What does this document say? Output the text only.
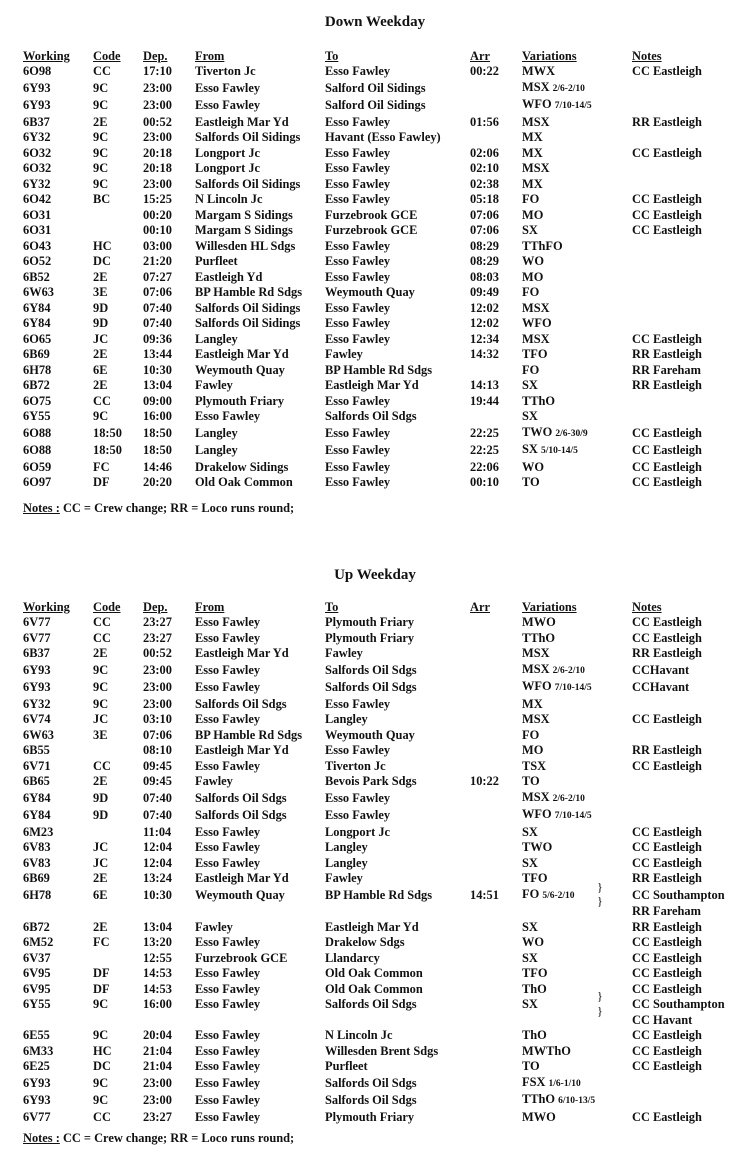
Down Weekday
Working	Code	Dep.	From	To	Arr	Variations	Notes
6O98	CC	17:10	Tiverton Jc	Esso Fawley	00:22	MWX	CC Eastleigh
6Y93	9C	23:00	Esso Fawley	Salford Oil Sidings		MSX 2/6-2/10	
6Y93	9C	23:00	Esso Fawley	Salford Oil Sidings		WFO 7/10-14/5	
6B37	2E	00:52	Eastleigh Mar Yd	Esso Fawley	01:56	MSX	RR Eastleigh
6Y32	9C	23:00	Salfords Oil Sidings	Havant (Esso Fawley)		MX	
6O32	9C	20:18	Longport Jc	Esso Fawley	02:06	MX	CC Eastleigh
6O32	9C	20:18	Longport Jc	Esso Fawley	02:10	MSX	
6Y32	9C	23:00	Salfords Oil Sidings	Esso Fawley	02:38	MX	
6O42	BC	15:25	N Lincoln Jc	Esso Fawley	05:18	FO	CC Eastleigh
6O31		00:20	Margam S Sidings	Furzebrook GCE	07:06	MO	CC Eastleigh
6O31		00:10	Margam S Sidings	Furzebrook GCE	07:06	SX	CC Eastleigh
6O43	HC	03:00	Willesden HL Sdgs	Esso Fawley	08:29	TThFO	
6O52	DC	21:20	Purfleet	Esso Fawley	08:29	WO	
6B52	2E	07:27	Eastleigh Yd	Esso Fawley	08:03	MO	
6W63	3E	07:06	BP Hamble Rd Sdgs	Weymouth Quay	09:49	FO	
6Y84	9D	07:40	Salfords Oil Sidings	Esso Fawley	12:02	MSX	
6Y84	9D	07:40	Salfords Oil Sidings	Esso Fawley	12:02	WFO	
6O65	JC	09:36	Langley	Esso Fawley	12:34	MSX	CC Eastleigh
6B69	2E	13:44	Eastleigh Mar Yd	Fawley	14:32	TFO	RR Eastleigh
6H78	6E	10:30	Weymouth Quay	BP Hamble Rd Sdgs		FO	RR Fareham
6B72	2E	13:04	Fawley	Eastleigh Mar Yd	14:13	SX	RR Eastleigh
6O75	CC	09:00	Plymouth Friary	Esso Fawley	19:44	TThO	
6Y55	9C	16:00	Esso Fawley	Salfords Oil Sdgs		SX	
6O88	18:50	18:50	Langley	Esso Fawley	22:25	TWO 2/6-30/9	CC Eastleigh
6O88	18:50	18:50	Langley	Esso Fawley	22:25	SX 5/10-14/5	CC Eastleigh
6O59	FC	14:46	Drakelow Sidings	Esso Fawley	22:06	WO	CC Eastleigh
6O97	DF	20:20	Old Oak Common	Esso Fawley	00:10	TO	CC Eastleigh
Notes : CC = Crew change; RR = Loco runs round;
Up Weekday
Working	Code	Dep.	From	To	Arr	Variations	Notes
6V77	CC	23:27	Esso Fawley	Plymouth Friary		MWO	CC Eastleigh
6V77	CC	23:27	Esso Fawley	Plymouth Friary		TThO	CC Eastleigh
6B37	2E	00:52	Eastleigh Mar Yd	Fawley		MSX	RR Eastleigh
6Y93	9C	23:00	Esso Fawley	Salfords Oil Sdgs		MSX 2/6-2/10	CCHavant
6Y93	9C	23:00	Esso Fawley	Salfords Oil Sdgs		WFO 7/10-14/5	CCHavant
6Y32	9C	23:00	Salfords Oil Sdgs	Esso Fawley		MX	
6V74	JC	03:10	Esso Fawley	Langley		MSX	CC Eastleigh
6W63	3E	07:06	BP Hamble Rd Sdgs	Weymouth Quay		FO	
6B55		08:10	Eastleigh Mar Yd	Esso Fawley		MO	RR Eastleigh
6V71	CC	09:45	Esso Fawley	Tiverton Jc		TSX	CC Eastleigh
6B65	2E	09:45	Fawley	Bevois Park Sdgs	10:22	TO	
6Y84	9D	07:40	Salfords Oil Sdgs	Esso Fawley		MSX 2/6-2/10	
6Y84	9D	07:40	Salfords Oil Sdgs	Esso Fawley		WFO 7/10-14/5	
6M23		11:04	Esso Fawley	Longport Jc		SX	CC Eastleigh
6V83	JC	12:04	Esso Fawley	Langley		TWO	CC Eastleigh
6V83	JC	12:04	Esso Fawley	Langley		SX	CC Eastleigh
6B69	2E	13:24	Eastleigh Mar Yd	Fawley		TFO	RR Eastleigh
6H78	6E	10:30	Weymouth Quay	BP Hamble Rd Sdgs	14:51	FO 5/6-2/10	CC Southampton
							RR Fareham
6B72	2E	13:04	Fawley	Eastleigh Mar Yd		SX	RR Eastleigh
6M52	FC	13:20	Esso Fawley	Drakelow Sdgs		WO	CC Eastleigh
6V37		12:55	Furzebrook GCE	Llandarcy		SX	CC Eastleigh
6V95	DF	14:53	Esso Fawley	Old Oak Common		TFO	CC Eastleigh
6V95	DF	14:53	Esso Fawley	Old Oak Common		ThO	CC Eastleigh
6Y55	9C	16:00	Esso Fawley	Salfords Oil Sdgs		SX	CC Southampton
							CC Havant
6E55	9C	20:04	Esso Fawley	N Lincoln Jc		ThO	CC Eastleigh
6M33	HC	21:04	Esso Fawley	Willesden Brent Sdgs		MWThO	CC Eastleigh
6E25	DC	21:04	Esso Fawley	Purfleet		TO	CC Eastleigh
6Y93	9C	23:00	Esso Fawley	Salfords Oil Sdgs		FSX 1/6-1/10	
6Y93	9C	23:00	Esso Fawley	Salfords Oil Sdgs		TThO 6/10-13/5	
6V77	CC	23:27	Esso Fawley	Plymouth Friary		MWO	CC Eastleigh
}
}
}
}
Notes : CC = Crew change; RR = Loco runs round;
